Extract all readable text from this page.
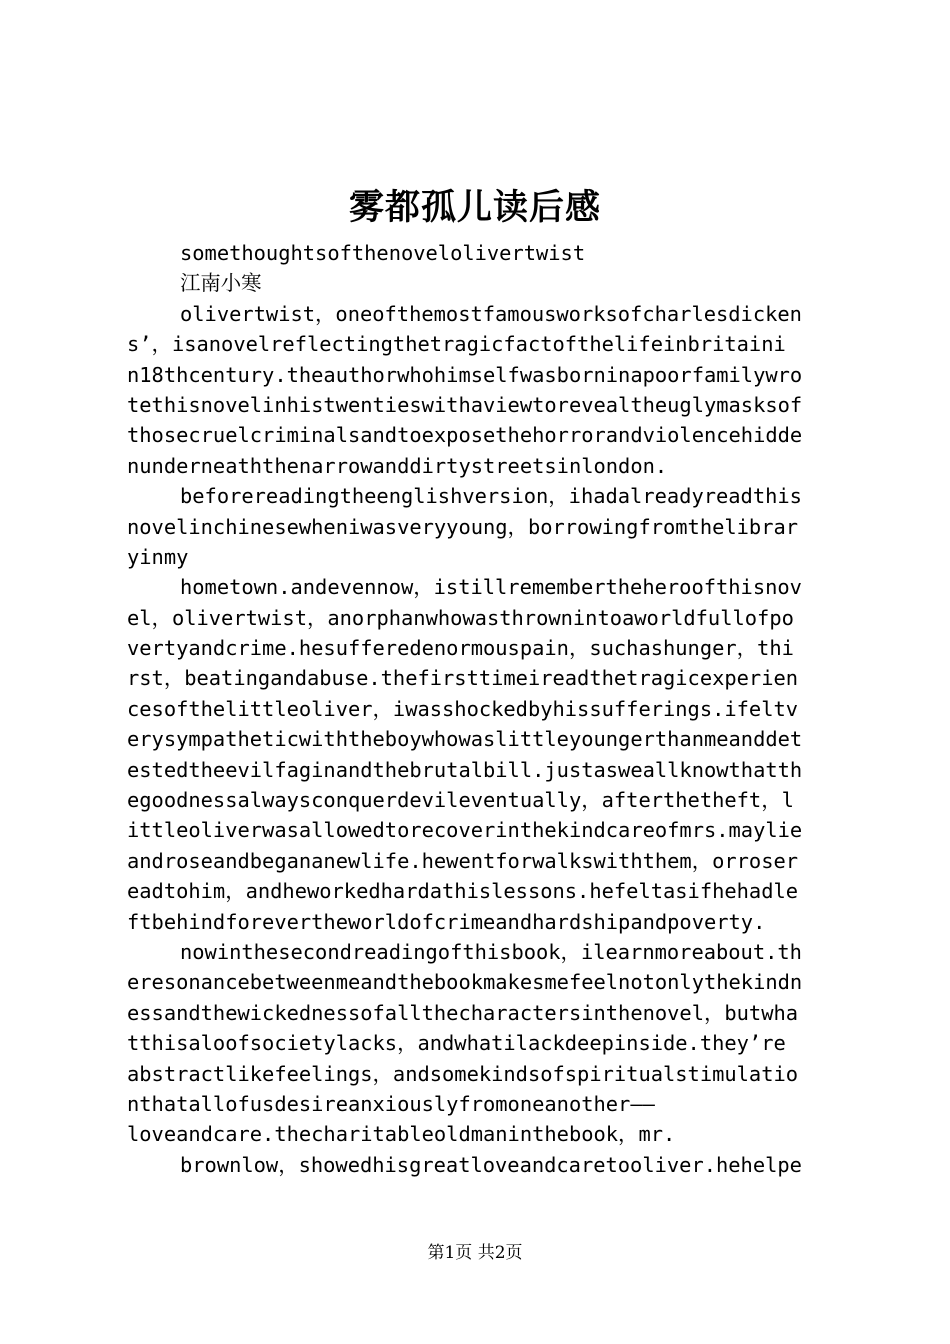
雾都孤儿读后感
somethoughtsofthenovelolivertwist
江南小寒
olivertwist，oneofthemostfamousworksofcharlesdicken
s’，isanovelreflectingthetragicfactofthelifeinbritaini
n18thcentury.theauthorwhohimselfwasborninapoorfamilywro
tethisnovelinhistwentieswithaviewtorevealtheuglymasksof
thosecruelcriminalsandtoexposethehorrorandviolencehidde
nunderneaththenarrowanddirtystreetsinlondon.
beforereadingtheenglishversion，ihadalreadyreadthis
novelinchinesewheniwasveryyoung，borrowingfromthelibrar
yinmy
hometown.andevennow，istillremembertheheroofthisnov
el，olivertwist，anorphanwhowasthrownintoaworldfullofpo
vertyandcrime.hesufferedenormouspain，suchashunger，thi
rst，beatingandabuse.thefirsttimeireadthetragicexperien
cesofthelittleoliver，iwasshockedbyhissufferings.ifeltv
erysympatheticwiththeboywhowaslittleyoungerthanmeanddet
estedtheevilfaginandthebrutalbill.justasweallknowthatth
egoodnessalwaysconquerdevileventually，afterthetheft，l
ittleoliverwasallowedtorecoverinthekindcareofmrs.maylie
androseandbegananewlife.hewentforwalkswiththem，orroser
eadtohim，andheworkedhardathislessons.hefeltasifhehadle
ftbehindforevertheworldofcrimeandhardshipandpoverty.
nowinthesecondreadingofthisbook，ilearnmoreabout.th
eresonancebetweenmeandthebookmakesmefeelnotonlythekindn
essandthewickednessofallthecharactersinthenovel，butwha
tthisaloofsocietylacks，andwhatilackdeepinside.they’re
abstractlikefeelings，andsomekindsofspiritualstimulatio
nthatallofusdesireanxiouslyfromoneanother——
loveandcare.thecharitableoldmaninthebook，mr.
brownlow，showedhisgreatloveandcaretooliver.hehelpe
第1页 共2页
